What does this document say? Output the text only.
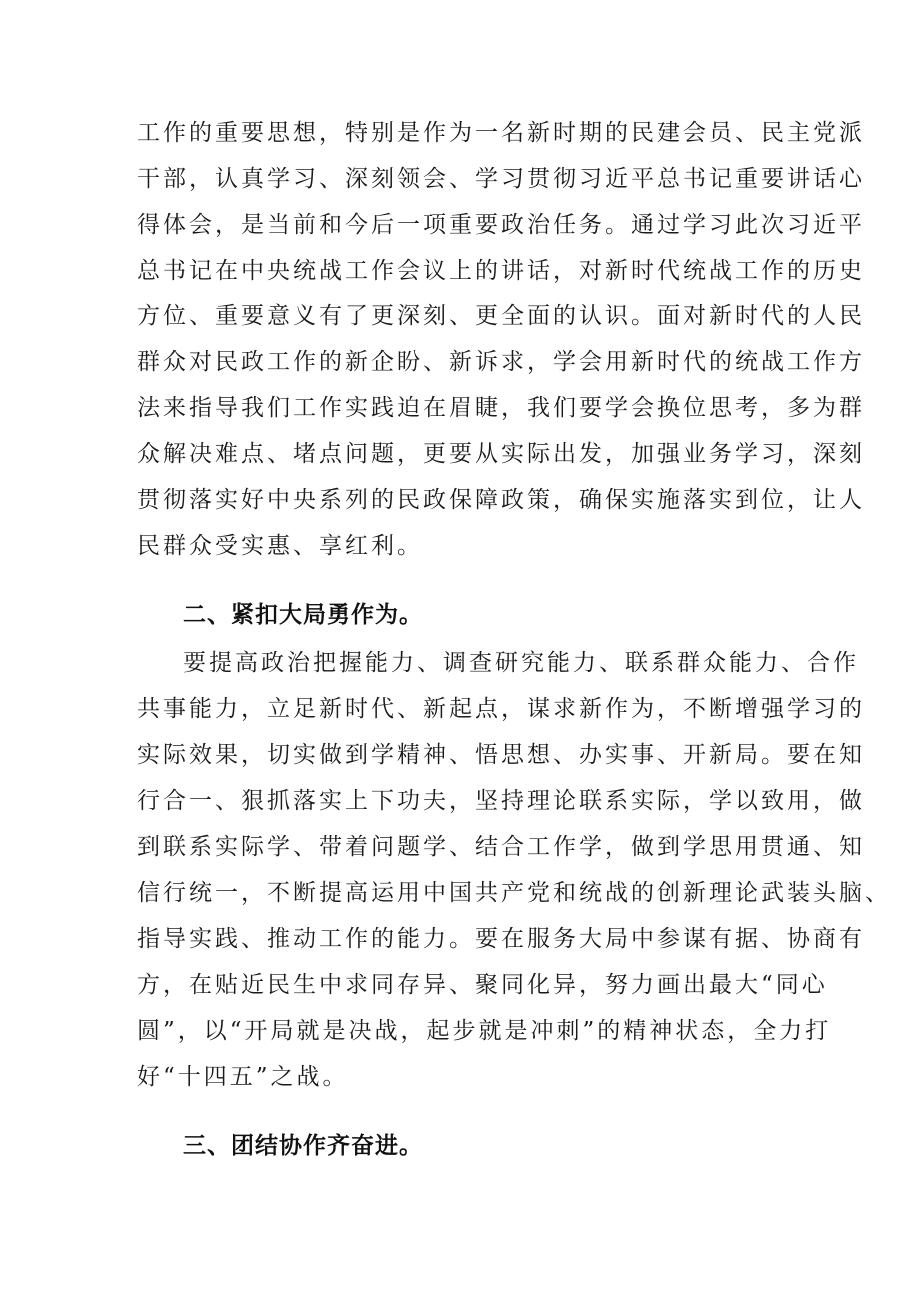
工作的重要思想，特别是作为一名新时期的民建会员、民主党派
干部，认真学习、深刻领会、学习贯彻习近平总书记重要讲话心
得体会，是当前和今后一项重要政治任务。通过学习此次习近平
总书记在中央统战工作会议上的讲话，对新时代统战工作的历史
方位、重要意义有了更深刻、更全面的认识。面对新时代的人民
群众对民政工作的新企盼、新诉求，学会用新时代的统战工作方
法来指导我们工作实践迫在眉睫，我们要学会换位思考，多为群
众解决难点、堵点问题，更要从实际出发，加强业务学习，深刻
贯彻落实好中央系列的民政保障政策，确保实施落实到位，让人
民群众受实惠、享红利。
二、紧扣大局勇作为。
要提高政治把握能力、调查研究能力、联系群众能力、合作
共事能力，立足新时代、新起点，谋求新作为，不断增强学习的
实际效果，切实做到学精神、悟思想、办实事、开新局。要在知
行合一、狠抓落实上下功夫，坚持理论联系实际，学以致用，做
到联系实际学、带着问题学、结合工作学，做到学思用贯通、知
信行统一，不断提高运用中国共产党和统战的创新理论武装头脑、
指导实践、推动工作的能力。要在服务大局中参谋有据、协商有
方，在贴近民生中求同存异、聚同化异，努力画出最大“同心
圆”，以“开局就是决战，起步就是冲刺”的精神状态，全力打
好“十四五”之战。
三、团结协作齐奋进。
